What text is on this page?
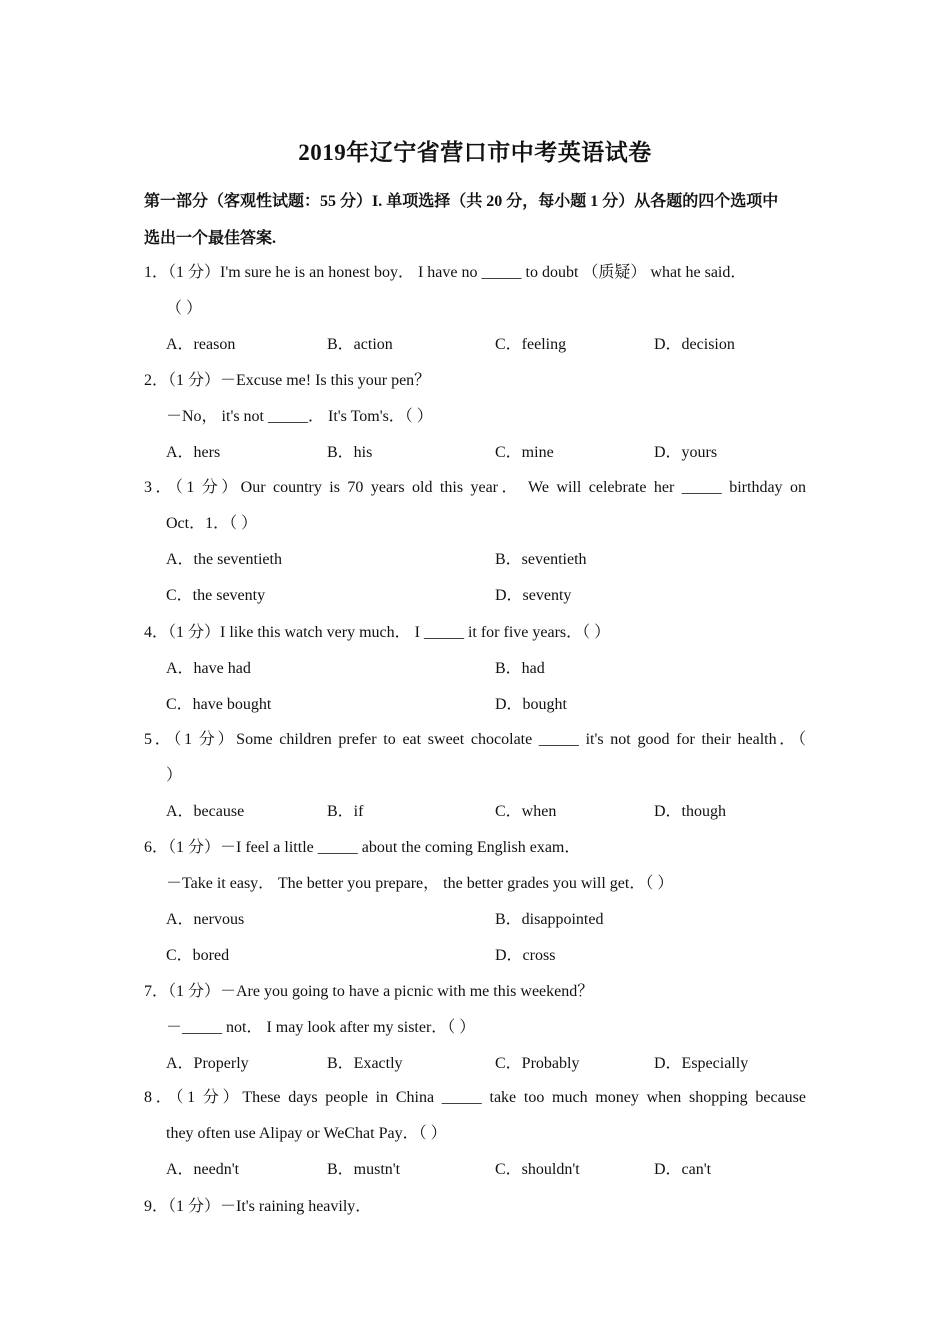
2019年辽宁省营口市中考英语试卷
第一部分（客观性试题：55 分）I. 单项选择（共 20 分，每小题 1 分）从各题的四个选项中
选出一个最佳答案.
1．（1 分）I'm sure he is an honest boy． I have no _____ to doubt （质疑） what he said．
（ ）
A．reason	B．action	C．feeling	D．decision
2．（1 分）－Excuse me! Is this your pen？
－No， it's not _____． It's Tom's．（ ）
A．hers	B．his	C．mine	D．yours
3．（1 分）Our country is 70 years old this year． We will celebrate her _____ birthday on
Oct．1．（ ）
A．the seventieth	B．seventieth
C．the seventy	D．seventy
4．（1 分）I like this watch very much． I _____ it for five years．（ ）
A．have had	B．had
C．have bought	D．bought
5．（1 分）Some children prefer to eat sweet chocolate _____ it's not good for their health．（
）
A．because	B．if	C．when	D．though
6．（1 分）－I feel a little _____ about the coming English exam．
－Take it easy． The better you prepare， the better grades you will get．（ ）
A．nervous	B．disappointed
C．bored	D．cross
7．（1 分）－Are you going to have a picnic with me this weekend？
－_____ not． I may look after my sister．（ ）
A．Properly	B．Exactly	C．Probably	D．Especially
8．（1 分）These days people in China _____ take too much money when shopping because
they often use Alipay or WeChat Pay．（ ）
A．needn't	B．mustn't	C．shouldn't	D．can't
9．（1 分）－It's raining heavily．
